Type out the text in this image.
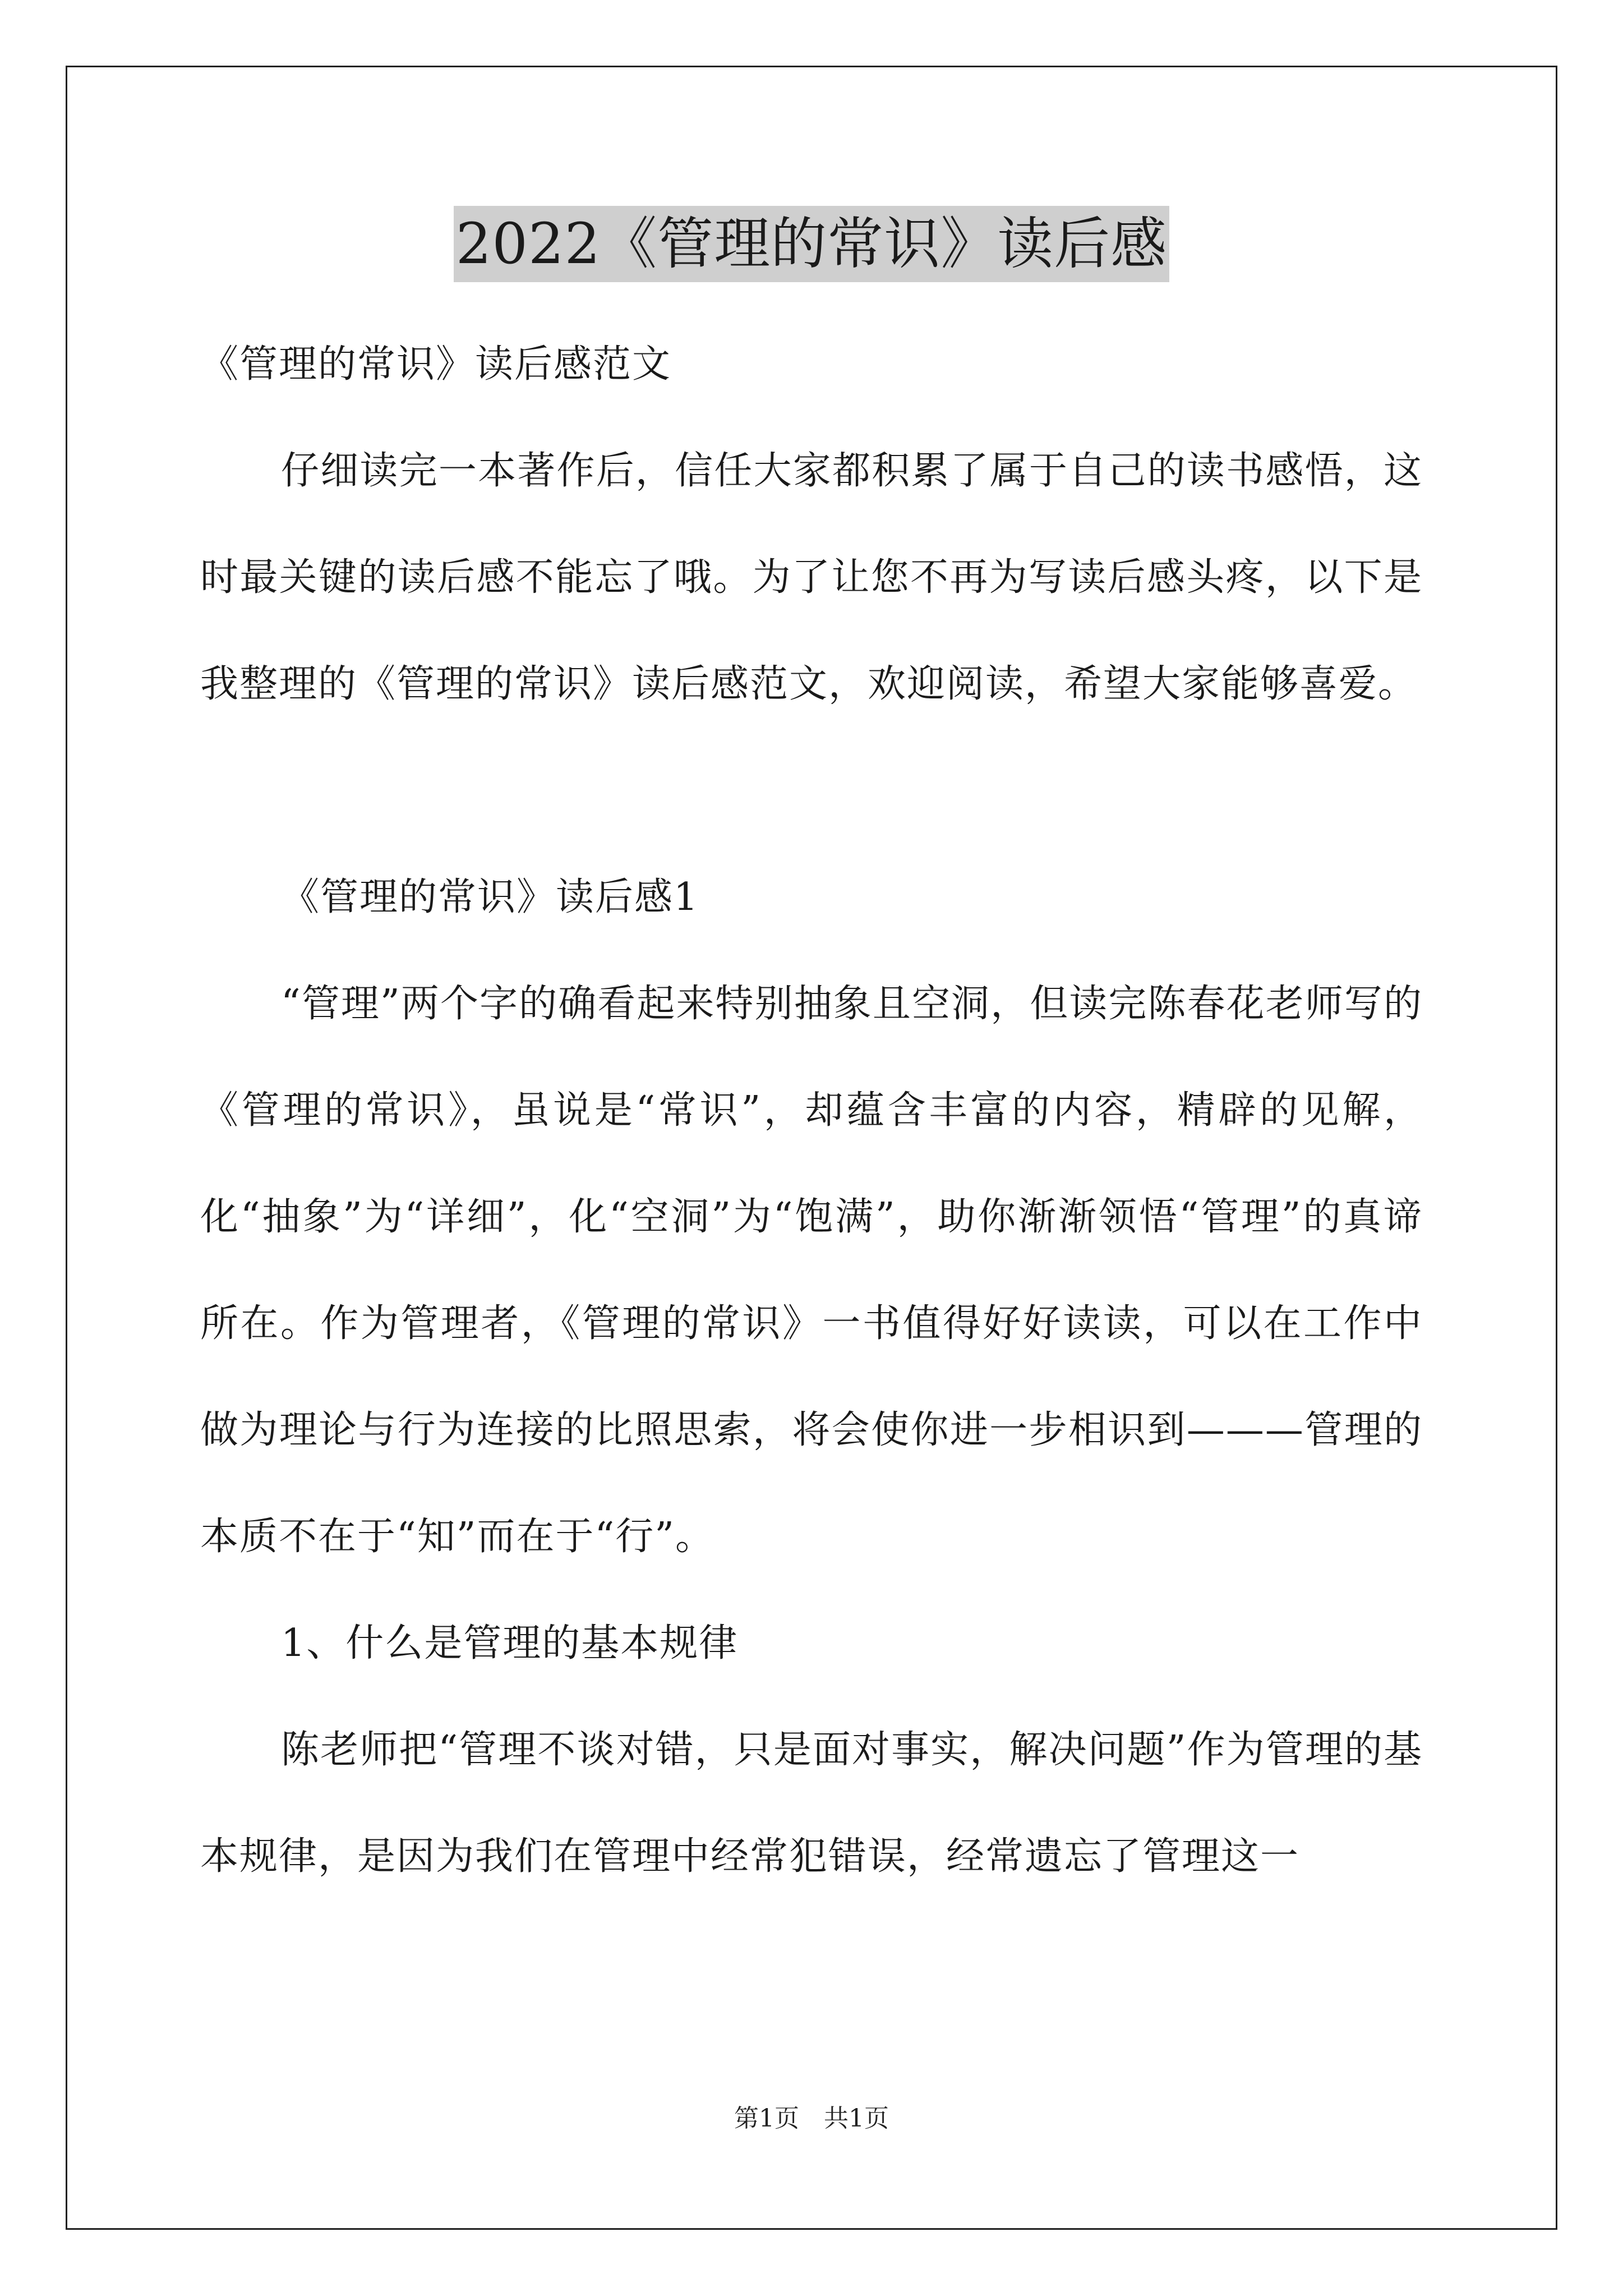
2022《管理的常识》读后感

《管理的常识》读后感范文

仔细读完一本著作后，信任大家都积累了属于自己的读书感悟，这时最关键的读后感不能忘了哦。为了让您不再为写读后感头疼，以下是我整理的《管理的常识》读后感范文，欢迎阅读，希望大家能够喜爱。

《管理的常识》读后感1

“管理”两个字的确看起来特别抽象且空洞，但读完陈春花老师写的《管理的常识》，虽说是“常识”，却蕴含丰富的内容，精辟的见解，化“抽象”为“详细”，化“空洞”为“饱满”，助你渐渐领悟“管理”的真谛所在。作为管理者，《管理的常识》一书值得好好读读，可以在工作中做为理论与行为连接的比照思索，将会使你进一步相识到———管理的本质不在于“知”而在于“行”。

1、什么是管理的基本规律

陈老师把“管理不谈对错，只是面对事实，解决问题”作为管理的基本规律，是因为我们在管理中经常犯错误，经常遗忘了管理这一

第1页　共1页
